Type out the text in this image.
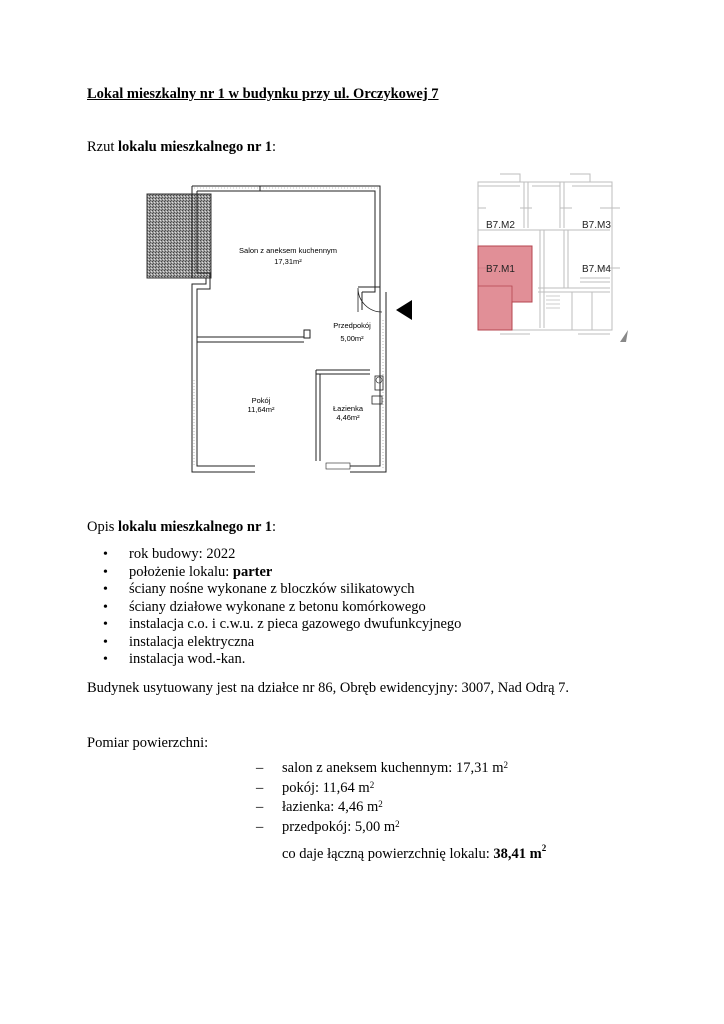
Lokal mieszkalny nr 1 w budynku przy ul. Orczykowej 7
Rzut lokalu mieszkalnego nr 1:
Salon z aneksem kuchennym
17,31m²
Przedpokój
5,00m²
Pokój
11,64m²	Łazienka
4,46m²
B7.M2	B7.M3
B7.M1	B7.M4
Opis lokalu mieszkalnego nr 1:
• rok budowy: 2022
• położenie lokalu: parter
• ściany nośne wykonane z bloczków silikatowych
• ściany działowe wykonane z betonu komórkowego
• instalacja c.o. i c.w.u. z pieca gazowego dwufunkcyjnego
• instalacja elektryczna
• instalacja wod.-kan.
Budynek usytuowany jest na działce nr 86, Obręb ewidencyjny: 3007, Nad Odrą 7.
Pomiar powierzchni:
– salon z aneksem kuchennym: 17,31 $m^2$
– pokój: 11,64 $m^2$
– łazienka: 4,46 $m^2$
– przedpokój: 5,00 $m^2$
co daje łączną powierzchnię lokalu: 38,41 $m^2$
